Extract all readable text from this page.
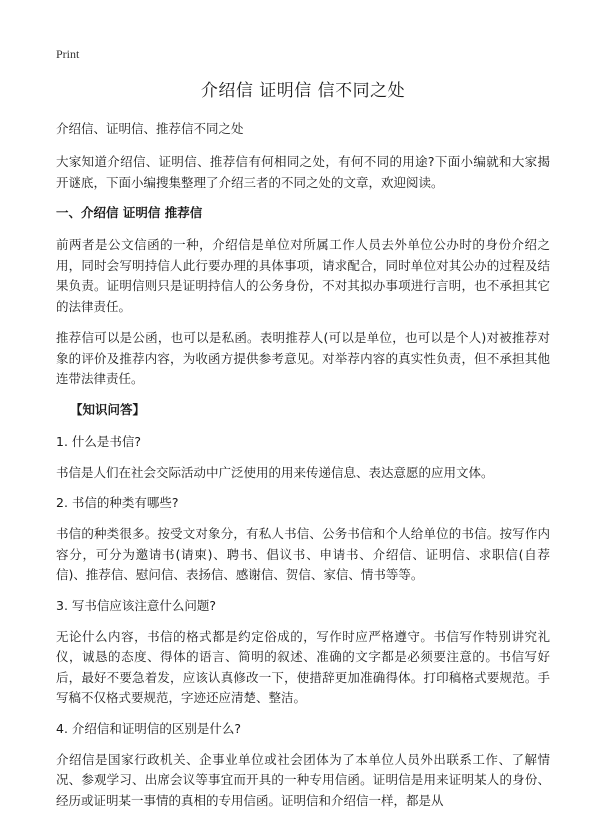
Print
介绍信 证明信 信不同之处
介绍信、证明信、推荐信不同之处

大家知道介绍信、证明信、推荐信有何相同之处，有何不同的用途?下面小编就和大家揭开谜底，下面小编搜集整理了介绍三者的不同之处的文章，欢迎阅读。

一、介绍信 证明信 推荐信

前两者是公文信函的一种，介绍信是单位对所属工作人员去外单位公办时的身份介绍之用，同时会写明持信人此行要办理的具体事项，请求配合，同时单位对其公办的过程及结果负责。证明信则只是证明持信人的公务身份，不对其拟办事项进行言明，也不承担其它的法律责任。

推荐信可以是公函，也可以是私函。表明推荐人(可以是单位，也可以是个人)对被推荐对象的评价及推荐内容，为收函方提供参考意见。对举荐内容的真实性负责，但不承担其他连带法律责任。

【知识问答】
1. 什么是书信?

书信是人们在社会交际活动中广泛使用的用来传递信息、表达意愿的应用文体。

2. 书信的种类有哪些?

书信的种类很多。按受文对象分，有私人书信、公务书信和个人给单位的书信。按写作内容分，可分为邀请书(请柬)、聘书、倡议书、申请书、介绍信、证明信、求职信(自荐信)、推荐信、慰问信、表扬信、感谢信、贺信、家信、情书等等。

3. 写书信应该注意什么问题?

无论什么内容，书信的格式都是约定俗成的，写作时应严格遵守。书信写作特别讲究礼仪，诚恳的态度、得体的语言、简明的叙述、准确的文字都是必须要注意的。书信写好后，最好不要急着发，应该认真修改一下，使措辞更加准确得体。打印稿格式要规范。手写稿不仅格式要规范，字迹还应清楚、整洁。

4. 介绍信和证明信的区别是什么?

介绍信是国家行政机关、企事业单位或社会团体为了本单位人员外出联系工作、了解情况、参观学习、出席会议等事宜而开具的一种专用信函。证明信是用来证明某人的身份、经历或证明某一事情的真相的专用信函。证明信和介绍信一样，都是从
